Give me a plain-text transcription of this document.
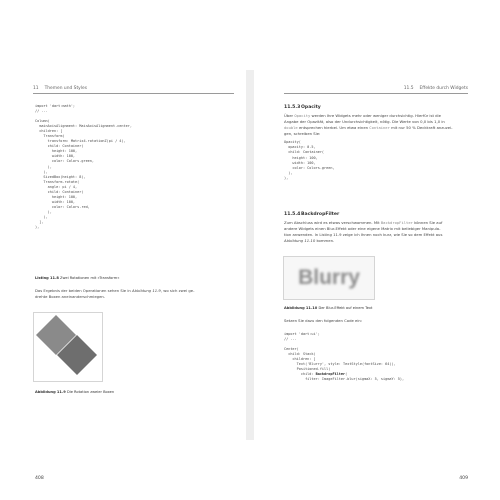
11 Themen und Styles
import 'dart:math';
// ...
Column(
mainAxisAlignment: MainAxisAlignment.center,
children: [
Transform(
transform: Matrix4.rotationZ(pi / 4),
child: Container(
height: 100,
width: 100,
color: Colors.green,
),
),
SizedBox(height: 8),
Transform.rotate(
angle: pi / 4,
child: Container(
height: 100,
width: 100,
color: Colors.red,
),
),
],
),
Listing 11.8 Zwei Rotationen mit »Transform«

Das Ergebnis der beiden Operationen sehen Sie in Abbildung 11.9, wo sich zwei ge-
drehte Boxen aneinanderschmiegen.

Abbildung 11.9 Die Rotation zweier Boxen
408
11.5 Effekte durch Widgets
11.5.3Opacity

Über Opacity werden Ihre Widgets mehr oder weniger durchsichtig. Hierfür ist die
Angabe der Opazität, also der Undurchsichtigkeit, nötig. Die Werte von 0,0 bis 1,0 in
double entsprechen hierbei. Um etwa einen Container mit nur 50 % Deckkraft anzuzei-
gen, schreiben Sie:

Opacity(
opacity: 0.5,
child: Container(
height: 100,
width: 100,
color: Colors.green,
),
),
11.5.4BackdropFilter

Zum Abschluss wird es etwas verschwommen. Mit BackdropFilter können Sie auf
andere Widgets einen Blur-Effekt oder eine eigene Matrix mit beliebiger Manipula-
tion anwenden. In Listing 11.9 zeige ich Ihnen noch kurz, wie Sie so dem Effekt aus
Abbildung 11.10 kommen.

Blurry
Abbildung 11.10 Der Blur-Effekt auf einem Text

Setzen Sie dazu den folgenden Code ein:

import 'dart:ui';
// ...
Center(
child: Stack(
children: [
Text('Blurry', style: TextStyle(fontSize: 64)),
Positioned.fill(
child: BackdropFilter(
filter: ImageFilter.blur(sigmaX: 5, sigmaY: 5),
409
